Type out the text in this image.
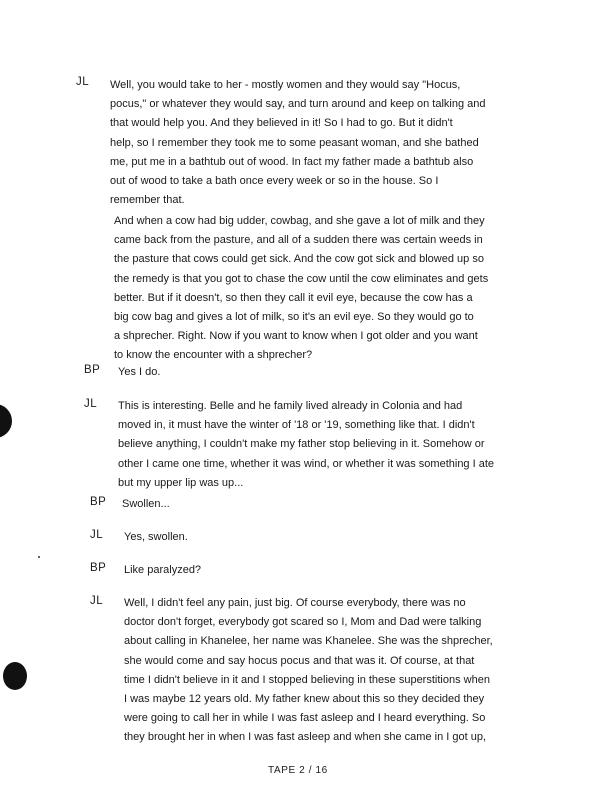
JL Well, you would take to her - mostly women and they would say "Hocus,
pocus," or whatever they would say, and turn around and keep on talking and
that would help you. And they believed in it! So I had to go. But it didn't
help, so I remember they took me to some peasant woman, and she bathed
me, put me in a bathtub out of wood. In fact my father made a bathtub also
out of wood to take a bath once every week or so in the house. So I
remember that.
And when a cow had big udder, cowbag, and she gave a lot of milk and they
came back from the pasture, and all of a sudden there was certain weeds in
the pasture that cows could get sick. And the cow got sick and blowed up so
the remedy is that you got to chase the cow until the cow eliminates and gets
better. But if it doesn't, so then they call it evil eye, because the cow has a
big cow bag and gives a lot of milk, so it's an evil eye. So they would go to
a shprecher. Right. Now if you want to know when I got older and you want
to know the encounter with a shprecher?
BP Yes I do.
JL This is interesting. Belle and he family lived already in Colonia and had
moved in, it must have the winter of '18 or '19, something like that. I didn't
believe anything, I couldn't make my father stop believing in it. Somehow or
other I came one time, whether it was wind, or whether it was something I ate
but my upper lip was up...
BP Swollen...
JL Yes, swollen.
BP Like paralyzed?
JL Well, I didn't feel any pain, just big. Of course everybody, there was no
doctor don't forget, everybody got scared so I, Mom and Dad were talking
about calling in Khanelee, her name was Khanelee. She was the shprecher,
she would come and say hocus pocus and that was it. Of course, at that
time I didn't believe in it and I stopped believing in these superstitions when
I was maybe 12 years old. My father knew about this so they decided they
were going to call her in while I was fast asleep and I heard everything. So
they brought her in when I was fast asleep and when she came in I got up,
TAPE 2 / 16
